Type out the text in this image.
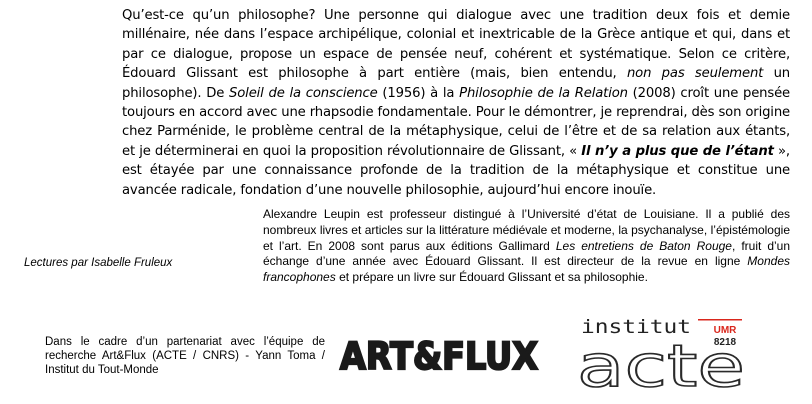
Qu’est-ce qu’un philosophe? Une personne qui dialogue avec une tradition deux fois et demie millénaire, née dans l’espace archipélique, colonial et inextricable de la Grèce antique et qui, dans et par ce dialogue, propose un espace de pensée neuf, cohérent et systématique. Selon ce critère, Édouard Glissant est philosophe à part entière (mais, bien entendu, non pas seulement un philosophe). De Soleil de la conscience (1956) à la Philosophie de la Relation (2008) croît une pensée toujours en accord avec une rhapsodie fondamentale. Pour le démontrer, je reprendrai, dès son origine chez Parménide, le problème central de la métaphysique, celui de l’être et de sa relation aux étants, et je déterminerai en quoi la proposition révolutionnaire de Glissant, « Il n’y a plus que de l’étant », est étayée par une connaissance profonde de la tradition de la métaphysique et constitue une avancée radicale, fondation d’une nouvelle philosophie, aujourd’hui encore inouïe.
Alexandre Leupin est professeur distingué à l’Université d’état de Louisiane. Il a publié des nombreux livres et articles sur la littérature médiévale et moderne, la psychanalyse, l’épistémologie et l’art. En 2008 sont parus aux éditions Gallimard Les entretiens de Baton Rouge, fruit d’un échange d’une année avec Édouard Glissant. Il est directeur de la revue en ligne Mondes francophones et prépare un livre sur Édouard Glissant et sa philosophie.
Lectures par Isabelle Fruleux
Dans le cadre d’un partenariat avec l’équipe de recherche Art&Flux (ACTE / CNRS) - Yann Toma / Institut du Tout-Monde	ART&FLUX
institut UMR
8218
acte
